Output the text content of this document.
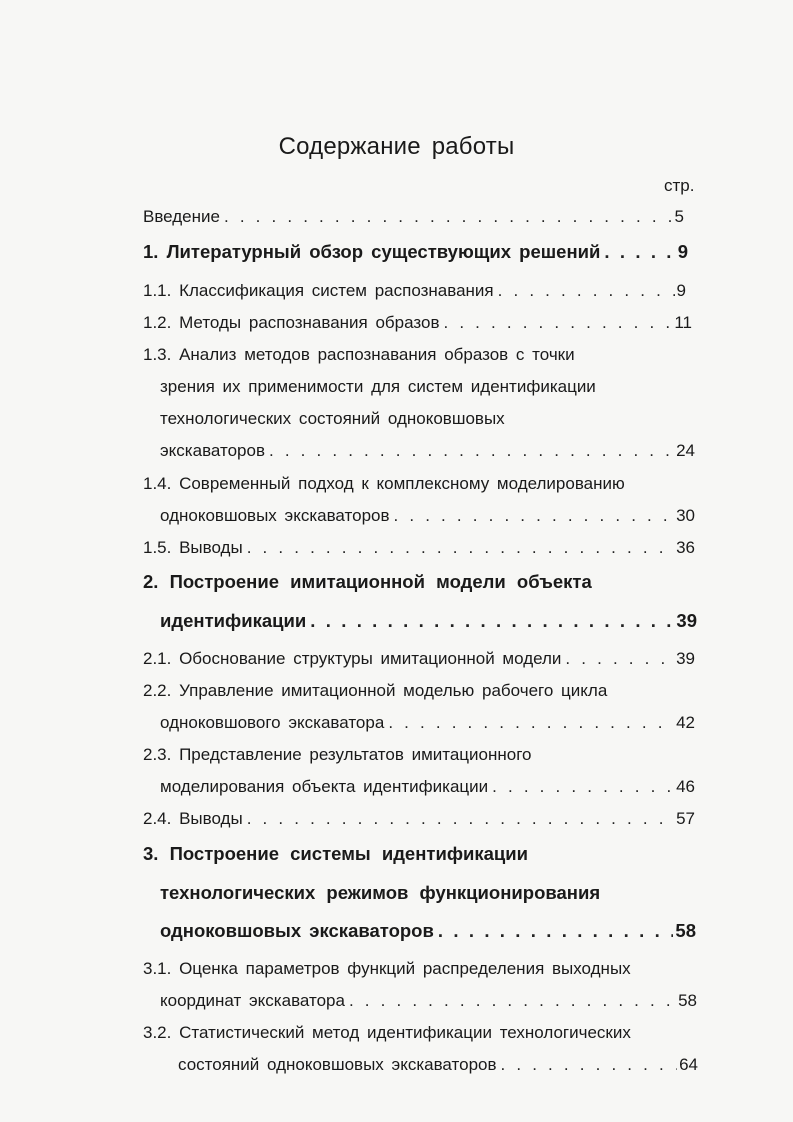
Содержание работы
стр.
Введение . . .	5
1. Литературный обзор существующих решений . . .	9
1.1. Классификация систем распознавания . . .	9
1.2. Методы распознавания образов . . .	11
1.3. Анализ методов распознавания образов с точки
зрения их применимости для систем идентификации
технологических состояний одноковшовых
экскаваторов . . .	24
1.4. Современный подход к комплексному моделированию
одноковшовых экскаваторов . . .	30
1.5. Выводы . . .	36
2. Построение имитационной модели объекта
идентификации . . .	39
2.1. Обоснование структуры имитационной модели . . .	39
2.2. Управление имитационной моделью рабочего цикла
одноковшового экскаватора . . .	42
2.3. Представление результатов имитационного
моделирования объекта идентификации . . .	46
2.4. Выводы . . .	57
3. Построение системы идентификации
технологических режимов функционирования
одноковшовых экскаваторов . . .	58
3.1. Оценка параметров функций распределения выходных
координат экскаватора . . .	58
3.2. Статистический метод идентификации технологических
состояний одноковшовых экскаваторов . . .	64
